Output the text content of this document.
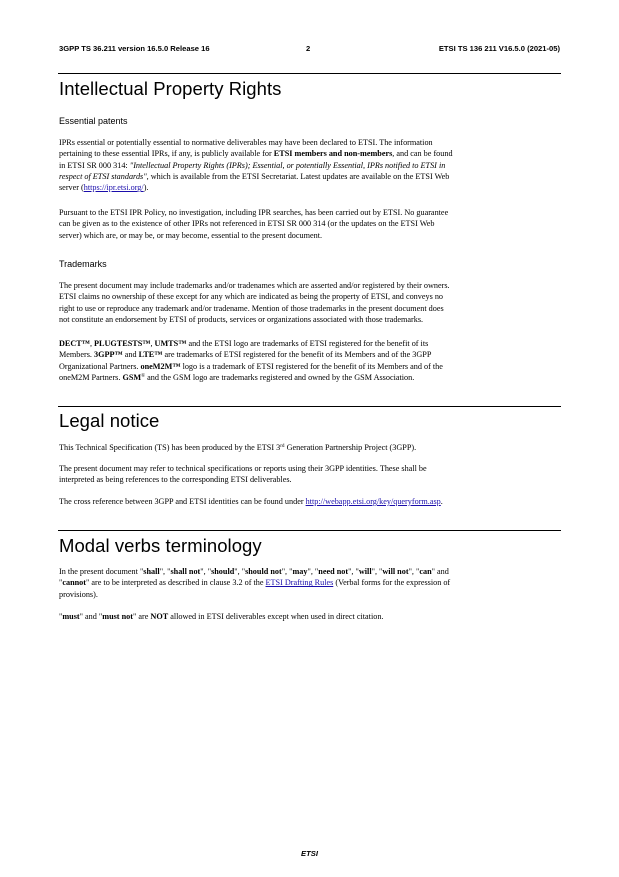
3GPP TS 36.211 version 16.5.0 Release 16	2	ETSI TS 136 211 V16.5.0 (2021-05)
Intellectual Property Rights
Essential patents
IPRs essential or potentially essential to normative deliverables may have been declared to ETSI. The information
pertaining to these essential IPRs, if any, is publicly available for ETSI members and non-members, and can be found
in ETSI SR 000 314: "Intellectual Property Rights (IPRs); Essential, or potentially Essential, IPRs notified to ETSI in
respect of ETSI standards", which is available from the ETSI Secretariat. Latest updates are available on the ETSI Web
server (https://ipr.etsi.org/).
Pursuant to the ETSI IPR Policy, no investigation, including IPR searches, has been carried out by ETSI. No guarantee
can be given as to the existence of other IPRs not referenced in ETSI SR 000 314 (or the updates on the ETSI Web
server) which are, or may be, or may become, essential to the present document.
Trademarks
The present document may include trademarks and/or tradenames which are asserted and/or registered by their owners.
ETSI claims no ownership of these except for any which are indicated as being the property of ETSI, and conveys no
right to use or reproduce any trademark and/or tradename. Mention of those trademarks in the present document does
not constitute an endorsement by ETSI of products, services or organizations associated with those trademarks.
DECT™, PLUGTESTS™, UMTS™ and the ETSI logo are trademarks of ETSI registered for the benefit of its
Members. 3GPP™ and LTE™ are trademarks of ETSI registered for the benefit of its Members and of the 3GPP
Organizational Partners. oneM2M™ logo is a trademark of ETSI registered for the benefit of its Members and of the
oneM2M Partners. GSM® and the GSM logo are trademarks registered and owned by the GSM Association.
Legal notice
This Technical Specification (TS) has been produced by the ETSI 3rd Generation Partnership Project (3GPP).
The present document may refer to technical specifications or reports using their 3GPP identities. These shall be
interpreted as being references to the corresponding ETSI deliverables.
The cross reference between 3GPP and ETSI identities can be found under http://webapp.etsi.org/key/queryform.asp.
Modal verbs terminology
In the present document "shall", "shall not", "should", "should not", "may", "need not", "will", "will not", "can" and
"cannot" are to be interpreted as described in clause 3.2 of the ETSI Drafting Rules (Verbal forms for the expression of
provisions).
"must" and "must not" are NOT allowed in ETSI deliverables except when used in direct citation.
ETSI
